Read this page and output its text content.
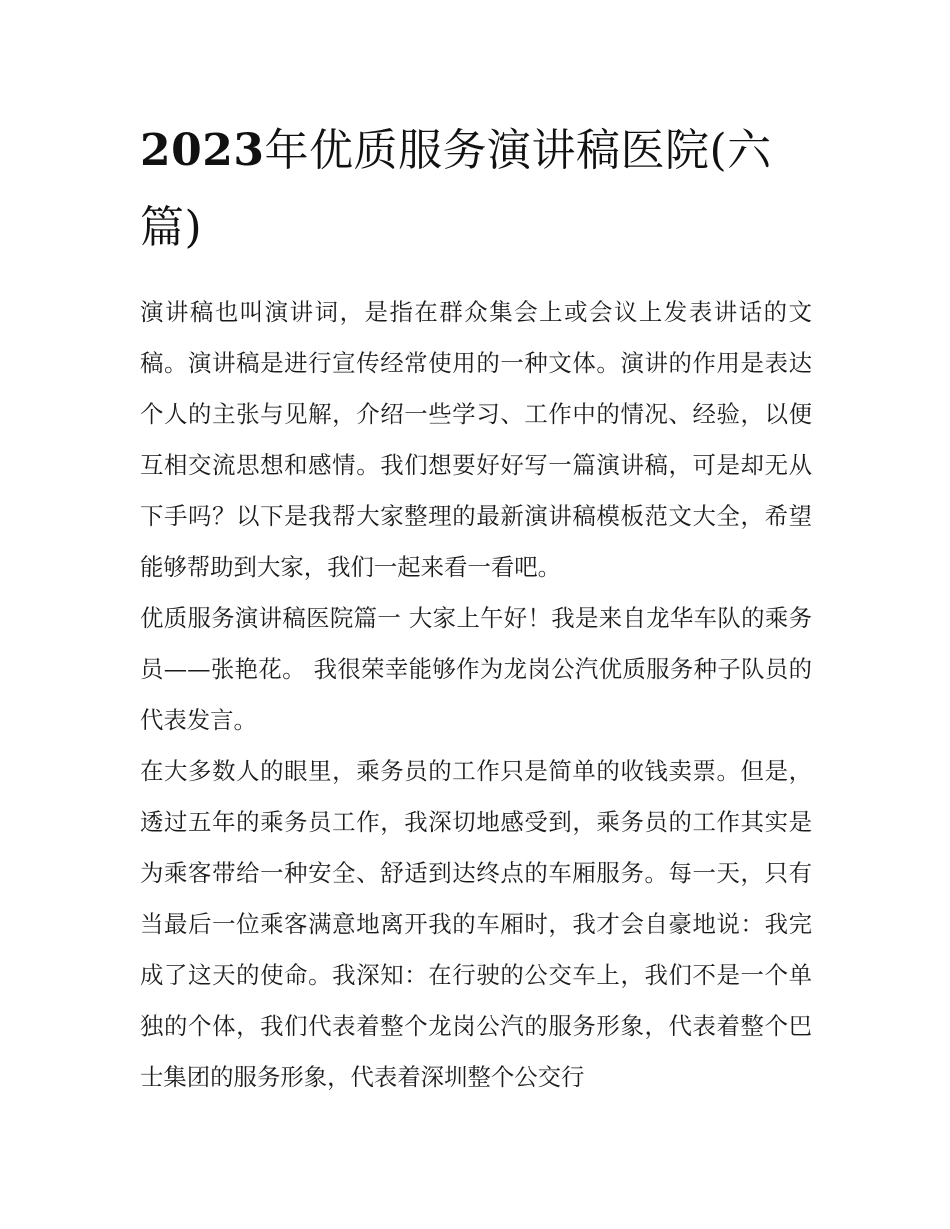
2023年优质服务演讲稿医院(六篇)

演讲稿也叫演讲词，是指在群众集会上或会议上发表讲话的文稿。演讲稿是进行宣传经常使用的一种文体。演讲的作用是表达个人的主张与见解，介绍一些学习、工作中的情况、经验，以便互相交流思想和感情。我们想要好好写一篇演讲稿，可是却无从下手吗？以下是我帮大家整理的最新演讲稿模板范文大全，希望能够帮助到大家，我们一起来看一看吧。

优质服务演讲稿医院篇一 大家上午好！我是来自龙华车队的乘务员——张艳花。 我很荣幸能够作为龙岗公汽优质服务种子队员的代表发言。

在大多数人的眼里，乘务员的工作只是简单的收钱卖票。但是，透过五年的乘务员工作，我深切地感受到，乘务员的工作其实是为乘客带给一种安全、舒适到达终点的车厢服务。每一天，只有当最后一位乘客满意地离开我的车厢时，我才会自豪地说：我完成了这天的使命。我深知：在行驶的公交车上，我们不是一个单独的个体，我们代表着整个龙岗公汽的服务形象，代表着整个巴士集团的服务形象，代表着深圳整个公交行
